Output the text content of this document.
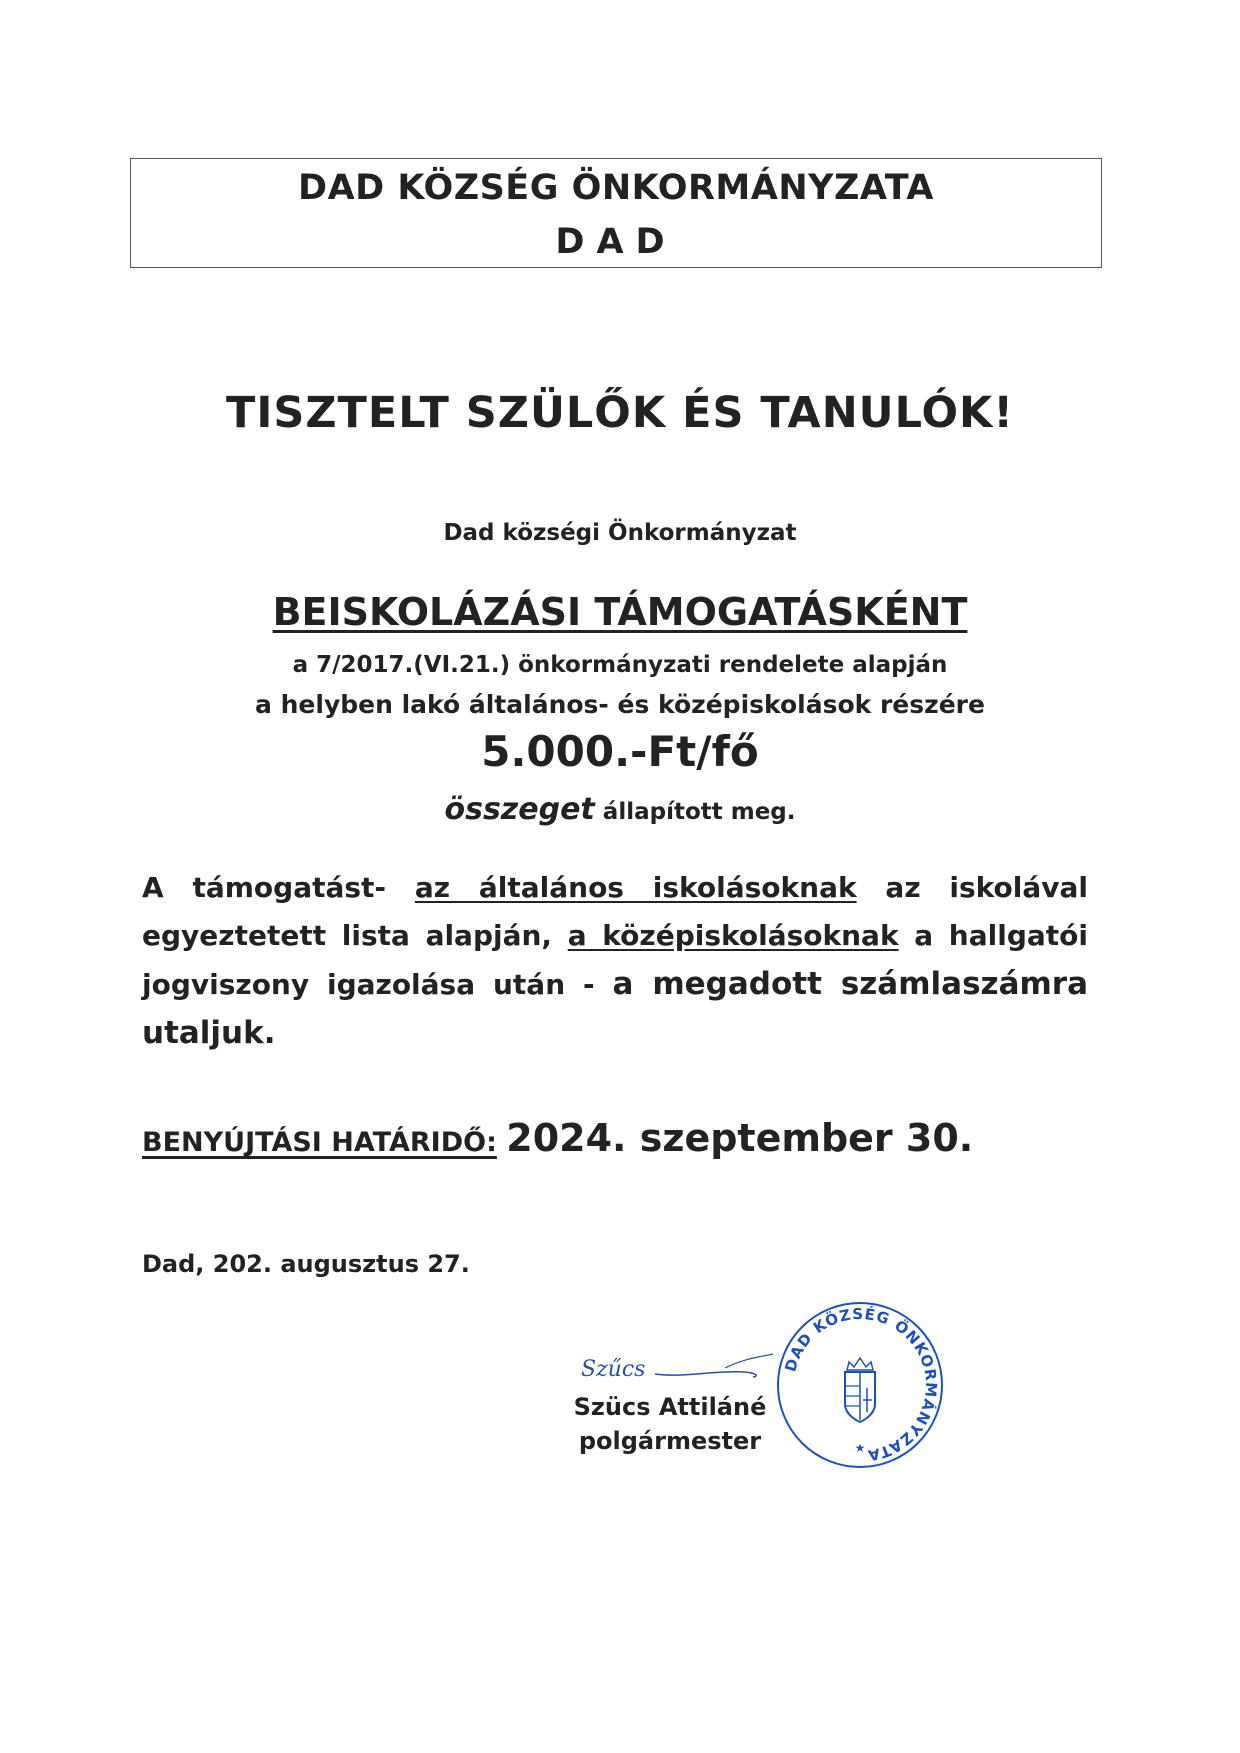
DAD KÖZSÉG ÖNKORMÁNYZATA
DAD
TISZTELT SZÜLŐK ÉS TANULÓK!
Dad községi Önkormányzat
BEISKOLÁZÁSI TÁMOGATÁSKÉNT
a 7/2017.(VI.21.) önkormányzati rendelete alapján
a helyben lakó általános- és középiskolások részére
5.000.-Ft/fő
összeget állapított meg.
A támogatást- az általános iskolásoknak az iskolával egyeztetett lista alapján, a középiskolásoknak a hallgatói jogviszony igazolása után - a megadott számlaszámra utaljuk.
BENYÚJTÁSI HATÁRIDŐ: 2024. szeptember 30.
Dad, 202. augusztus 27.
Szűcs
Szücs Attiláné
polgármester
DAD KÖZSÉG ÖNKORMÁNYZATA
★
